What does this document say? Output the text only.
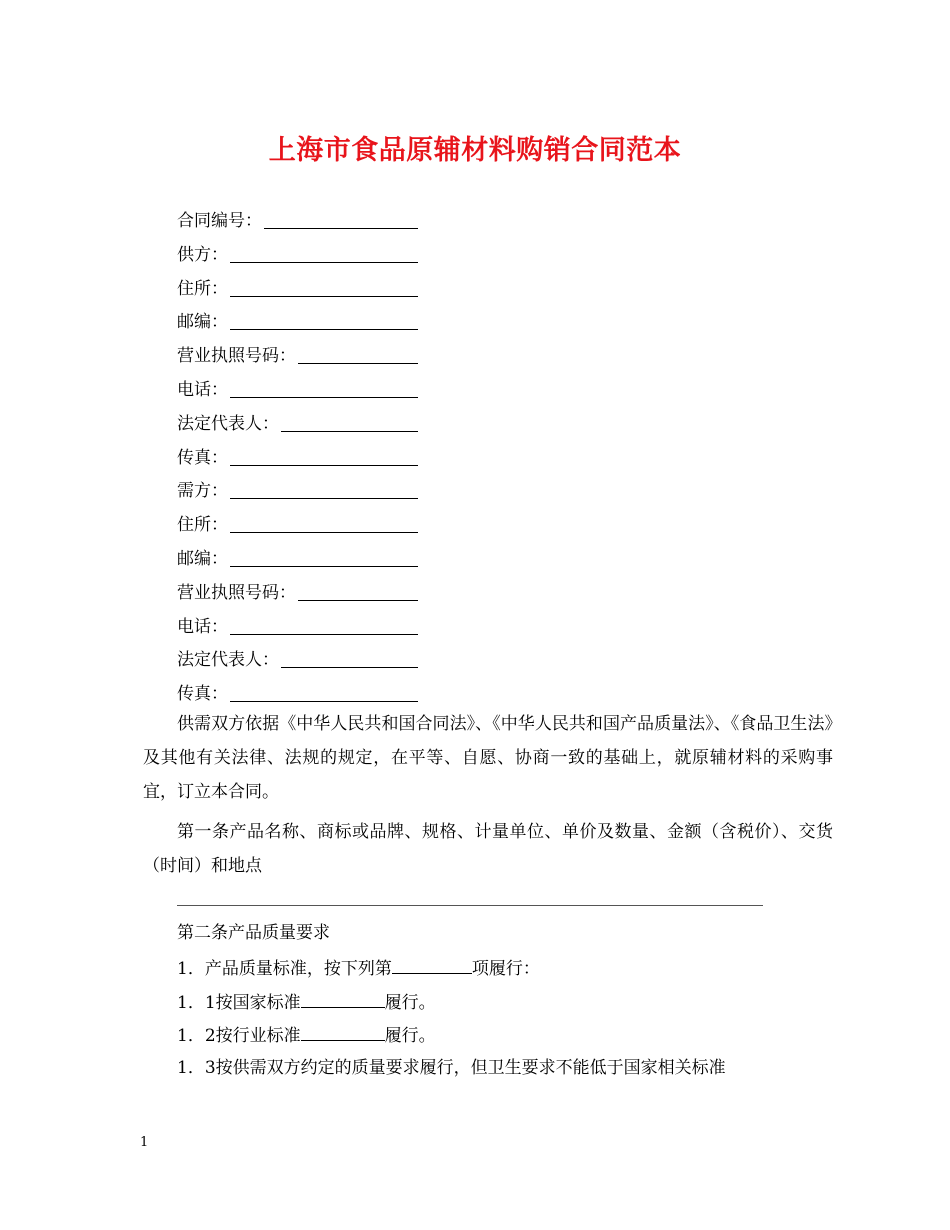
上海市食品原辅材料购销合同范本
合同编号：
供方：
住所：
邮编：
营业执照号码：
电话：
法定代表人：
传真：
需方：
住所：
邮编：
营业执照号码：
电话：
法定代表人：
传真：
供需双方依据《中华人民共和国合同法》、《中华人民共和国产品质量法》、《食品卫生法》及其他有关法律、法规的规定，在平等、自愿、协商一致的基础上，就原辅材料的采购事宜，订立本合同。
第一条产品名称、商标或品牌、规格、计量单位、单价及数量、金额（含税价）、交货（时间）和地点
第二条产品质量要求
1．产品质量标准，按下列第	项履行：
1．1按国家标准	履行。
1．2按行业标准	履行。
1．3按供需双方约定的质量要求履行，但卫生要求不能低于国家相关标准
1
